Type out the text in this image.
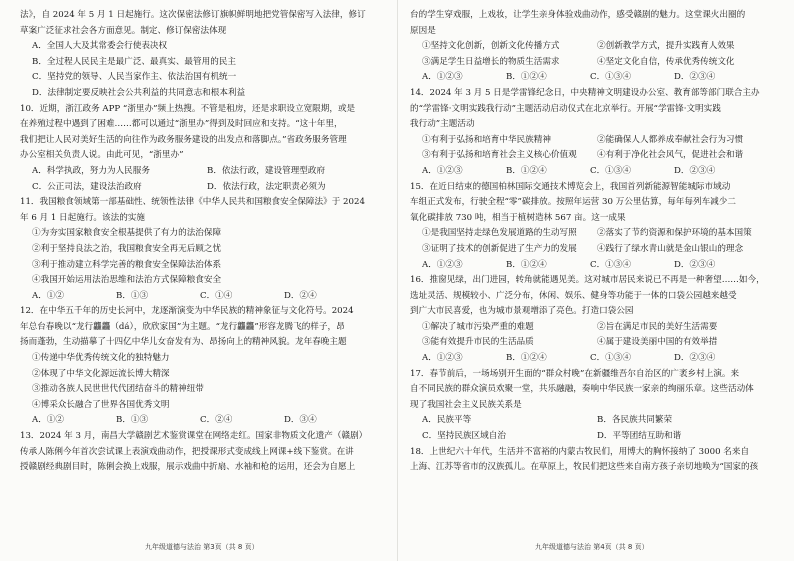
法》，自 2024 年 5 月 1 日起施行。这次保密法修订旗帜鲜明地把党管保密写入法律，修订
草案广泛征求社会各方面意见。制定、修订保密法体现
A．全国人大及其常委会行使表决权
B．全过程人民民主是最广泛、最真实、最管用的民主
C．坚持党的领导、人民当家作主、依法治国有机统一
D．法律制定要反映社会公共利益的共同意志和根本利益
10．近期，浙江政务 APP “浙里办”频上热搜。不管是租房，还是求职设立宽限期，或是
在养殖过程中遇到了困难……都可以通过“浙里办”得到及时回应和支持。“这十年里，
我们把让人民对美好生活的向往作为政务服务建设的出发点和落脚点。”省政务服务管理
办公室相关负责人说。由此可见，“浙里办”
A．科学执政，努力为人民服务	B．依法行政，建设管理型政府
C．公正司法，建设法治政府	D．依法行政，法定职责必须为
11．我国粮食领域第一部基础性、统领性法律《中华人民共和国粮食安全保障法》于 2024
年 6 月 1 日起施行。该法的实施
①为夯实国家粮食安全根基提供了有力的法治保障
②利于坚持良法之治，我国粮食安全再无后顾之忧
③利于推动建立科学完善的粮食安全保障法治体系
④我国开始运用法治思维和法治方式保障粮食安全
A．①②	B．①③	C．①④	D．②④
12．在中华五千年的历史长河中，龙逐渐演变为中华民族的精神象征与文化符号。2024
年总台春晚以“龙行龘龘（dá），欣欣家国”为主题。“龙行龘龘”形容龙腾飞的样子，昂
扬而蓬勃，生动描摹了十四亿中华儿女奋发有为、昂扬向上的精神风貌。龙年春晚主题
①传递中华优秀传统文化的独特魅力
②体现了中华文化源远流长博大精深
③推动各族人民世世代代团结奋斗的精神纽带
④博采众长融合了世界各国优秀文明
A．①②	B．①③	C．②④	D．③④
13．2024 年 3 月，南昌大学赣剧艺术鉴赏课堂在网络走红。国家非物质文化遗产（赣剧）
传承人陈俐今年首次尝试课上表演戏曲动作，把授课形式变成线上网课+线下鉴赏。在讲
授赣剧经典剧目时，陈俐会换上戏服，展示戏曲中折扇、水袖和枪的运用，还会为自愿上
台的学生穿戏服，上戏妆，让学生亲身体验戏曲动作，感受赣剧的魅力。这堂课火出圈的
原因是
①坚持文化创新，创新文化传播方式	②创新教学方式，提升实践育人效果
③满足学生日益增长的物质生活需求	④坚定文化自信，传承优秀传统文化
A．①②③	B．①②④	C．①③④	D．②③④
14．2024 年 3 月 5 日是学雷锋纪念日，中央精神文明建设办公室、教育部等部门联合主办
的“学雷锋·文明实践我行动”主题活动启动仪式在北京举行。开展“学雷锋·文明实践
我行动”主题活动
①有利于弘扬和培育中华民族精神	②能确保人人都养成奉献社会行为习惯
③有利于弘扬和培育社会主义核心价值观	④有利于净化社会风气，促进社会和谐
A．①②③	B．①②④	C．①③④	D．②③④
15．在近日结束的德国柏林国际交通技术博览会上，我国首列新能源智能城际市域动
车组正式发布，行驶全程“零”碳排放。按照年运营 30 万公里估算，每年每列车减少二
氧化碳排放 730 吨，相当于植树造林 567 亩。这一成果
①是我国坚持走绿色发展道路的生动写照	②落实了节约资源和保护环境的基本国策
③证明了技术的创新促进了生产力的发展	④践行了绿水青山就是金山银山的理念
A．①②③	B．①②④	C．①③④	D．②③④
16．推窗见绿，出门进园，转角就能遇见美。这对城市居民来说已不再是一种奢望……如今，
选址灵活、规模较小、广泛分布，休闲、娱乐、健身等功能于一体的口袋公园越来越受
到广大市民喜爱，也为城市景观增添了亮色。打造口袋公园
①解决了城市污染严重的难题	②旨在满足市民的美好生活需要
③能有效提升市民的生活品质	④属于建设美丽中国的有效举措
A．①②③	B．①②④	C．①③④	D．②③④
17．春节前后，一场场别开生面的“群众村晚”在新疆维吾尔自治区的广袤乡村上演。来
自不同民族的群众演员欢聚一堂，共乐融融，奏响中华民族一家亲的绚丽乐章。这些活动体
现了我国社会主义民族关系是
A．民族平等	B．各民族共同繁荣
C．坚持民族区域自治	D．平等团结互助和谐
18．上世纪六十年代，生活并不富裕的内蒙古牧民们，用博大的胸怀接纳了 3000 名来自
上海、江苏等省市的汉族孤儿。在草原上，牧民们把这些来自南方孩子亲切地唤为“国家的孩
九年级道德与法治 第3页（共 8 页）	九年级道德与法治 第4页（共 8 页）
